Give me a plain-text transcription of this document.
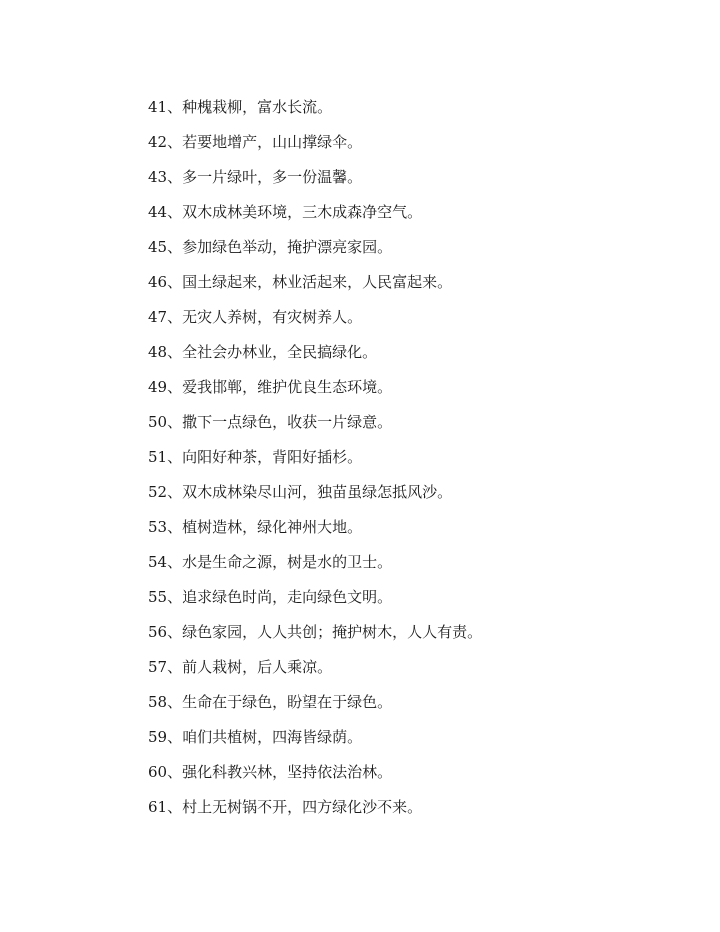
41、种槐栽柳，富水长流。
42、若要地增产，山山撑绿伞。
43、多一片绿叶，多一份温馨。
44、双木成林美环境，三木成森净空气。
45、参加绿色举动，掩护漂亮家园。
46、国土绿起来，林业活起来，人民富起来。
47、无灾人养树，有灾树养人。
48、全社会办林业，全民搞绿化。
49、爱我邯郸，维护优良生态环境。
50、撒下一点绿色，收获一片绿意。
51、向阳好种茶，背阳好插杉。
52、双木成林染尽山河，独苗虽绿怎抵风沙。
53、植树造林，绿化神州大地。
54、水是生命之源，树是水的卫士。
55、追求绿色时尚，走向绿色文明。
56、绿色家园，人人共创；掩护树木，人人有责。
57、前人栽树，后人乘凉。
58、生命在于绿色，盼望在于绿色。
59、咱们共植树，四海皆绿荫。
60、强化科教兴林，坚持依法治林。
61、村上无树锅不开，四方绿化沙不来。
